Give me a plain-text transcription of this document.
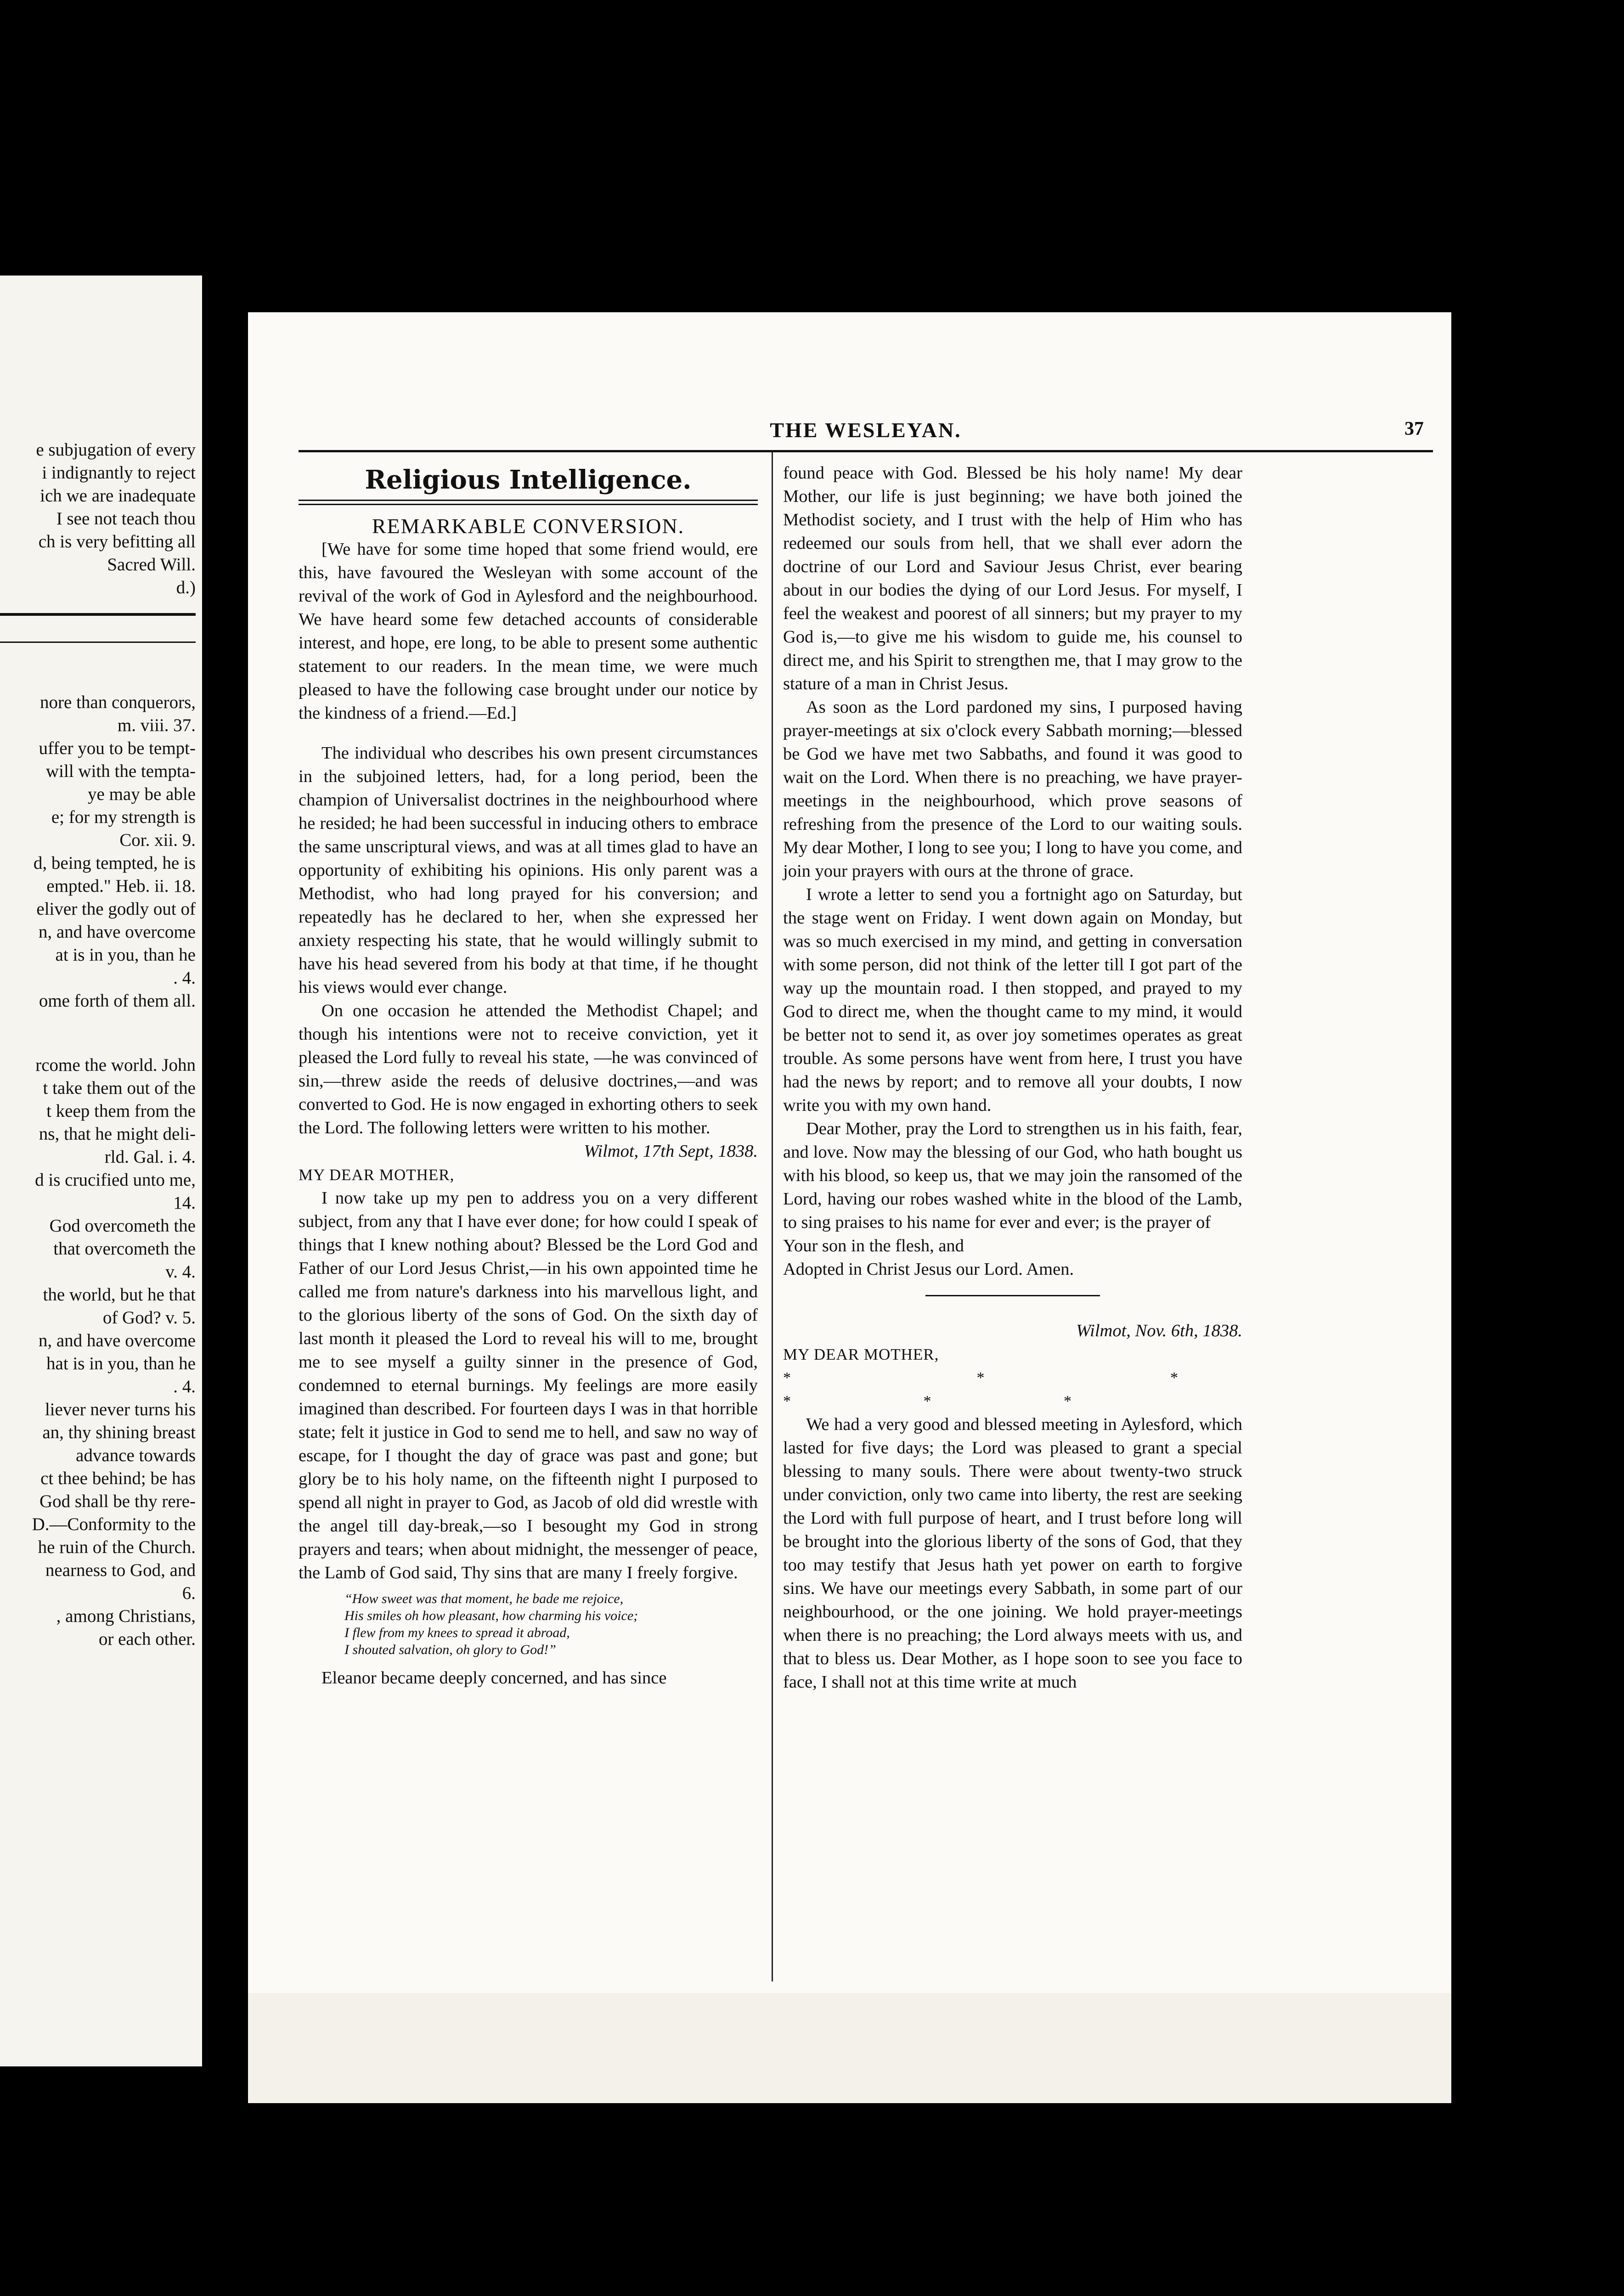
e subjugation of every
i indignantly to reject
ich we are inadequate
I see not teach thou
ch is very befitting all
Sacred Will.
d.)
nore than conquerors,
m. viii. 37.
uffer you to be tempt-
will with the tempta-
ye may be able
e; for my strength is
Cor. xii. 9.
d, being tempted, he is
empted." Heb. ii. 18.
eliver the godly out of
n, and have overcome
at is in you, than he
. 4.
ome forth of them all.
rcome the world. John
t take them out of the
t keep them from the
ns, that he might deli-
rld. Gal. i. 4.
d is crucified unto me,
14.
God overcometh the
that overcometh the
v. 4.
the world, but he that
of God? v. 5.
n, and have overcome
hat is in you, than he
. 4.
liever never turns his
an, thy shining breast
advance towards
ct thee behind; be has
God shall be thy rere-
D.—Conformity to the
he ruin of the Church.
nearness to God, and
6.
, among Christians,
or each other.
THE WESLEYAN.	37

Religious Intelligence.

REMARKABLE CONVERSION.

[We have for some time hoped that some friend would, ere this, have favoured the Wesleyan with some account of the revival of the work of God in Aylesford and the neighbourhood. We have heard some few detached accounts of considerable interest, and hope, ere long, to be able to present some authentic statement to our readers. In the mean time, we were much pleased to have the following case brought under our notice by the kindness of a friend.—Ed.]

The individual who describes his own present circumstances in the subjoined letters, had, for a long period, been the champion of Universalist doctrines in the neighbourhood where he resided; he had been successful in inducing others to embrace the same unscriptural views, and was at all times glad to have an opportunity of exhibiting his opinions. His only parent was a Methodist, who had long prayed for his conversion; and repeatedly has he declared to her, when she expressed her anxiety respecting his state, that he would willingly submit to have his head severed from his body at that time, if he thought his views would ever change.

On one occasion he attended the Methodist Chapel; and though his intentions were not to receive conviction, yet it pleased the Lord fully to reveal his state, —he was convinced of sin,—threw aside the reeds of delusive doctrines,—and was converted to God. He is now engaged in exhorting others to seek the Lord. The following letters were written to his mother.

Wilmot, 17th Sept, 1838.

MY DEAR MOTHER,

I now take up my pen to address you on a very different subject, from any that I have ever done; for how could I speak of things that I knew nothing about? Blessed be the Lord God and Father of our Lord Jesus Christ,—in his own appointed time he called me from nature's darkness into his marvellous light, and to the glorious liberty of the sons of God. On the sixth day of last month it pleased the Lord to reveal his will to me, brought me to see myself a guilty sinner in the presence of God, condemned to eternal burnings. My feelings are more easily imagined than described. For fourteen days I was in that horrible state; felt it justice in God to send me to hell, and saw no way of escape, for I thought the day of grace was past and gone; but glory be to his holy name, on the fifteenth night I purposed to spend all night in prayer to God, as Jacob of old did wrestle with the angel till day-break,—so I besought my God in strong prayers and tears; when about midnight, the messenger of peace, the Lamb of God said, Thy sins that are many I freely forgive.

“How sweet was that moment, he bade me rejoice,
His smiles oh how pleasant, how charming his voice;
I flew from my knees to spread it abroad,
I shouted salvation, oh glory to God!”

Eleanor became deeply concerned, and has since

found peace with God. Blessed be his holy name! My dear Mother, our life is just beginning; we have both joined the Methodist society, and I trust with the help of Him who has redeemed our souls from hell, that we shall ever adorn the doctrine of our Lord and Saviour Jesus Christ, ever bearing about in our bodies the dying of our Lord Jesus. For myself, I feel the weakest and poorest of all sinners; but my prayer to my God is,—to give me his wisdom to guide me, his counsel to direct me, and his Spirit to strengthen me, that I may grow to the stature of a man in Christ Jesus.

As soon as the Lord pardoned my sins, I purposed having prayer-meetings at six o'clock every Sabbath morning;—blessed be God we have met two Sabbaths, and found it was good to wait on the Lord. When there is no preaching, we have prayer-meetings in the neighbourhood, which prove seasons of refreshing from the presence of the Lord to our waiting souls. My dear Mother, I long to see you; I long to have you come, and join your prayers with ours at the throne of grace.

I wrote a letter to send you a fortnight ago on Saturday, but the stage went on Friday. I went down again on Monday, but was so much exercised in my mind, and getting in conversation with some person, did not think of the letter till I got part of the way up the mountain road. I then stopped, and prayed to my God to direct me, when the thought came to my mind, it would be better not to send it, as over joy sometimes operates as great trouble. As some persons have went from here, I trust you have had the news by report; and to remove all your doubts, I now write you with my own hand.

Dear Mother, pray the Lord to strengthen us in his faith, fear, and love. Now may the blessing of our God, who hath bought us with his blood, so keep us, that we may join the ransomed of the Lord, having our robes washed white in the blood of the Lamb, to sing praises to his name for ever and ever; is the prayer of

Your son in the flesh, and

Adopted in Christ Jesus our Lord. Amen.

Wilmot, Nov. 6th, 1838.

MY DEAR MOTHER,

* * * * * *

We had a very good and blessed meeting in Aylesford, which lasted for five days; the Lord was pleased to grant a special blessing to many souls. There were about twenty-two struck under conviction, only two came into liberty, the rest are seeking the Lord with full purpose of heart, and I trust before long will be brought into the glorious liberty of the sons of God, that they too may testify that Jesus hath yet power on earth to forgive sins. We have our meetings every Sabbath, in some part of our neighbourhood, or the one joining. We hold prayer-meetings when there is no preaching; the Lord always meets with us, and that to bless us. Dear Mother, as I hope soon to see you face to face, I shall not at this time write at much
